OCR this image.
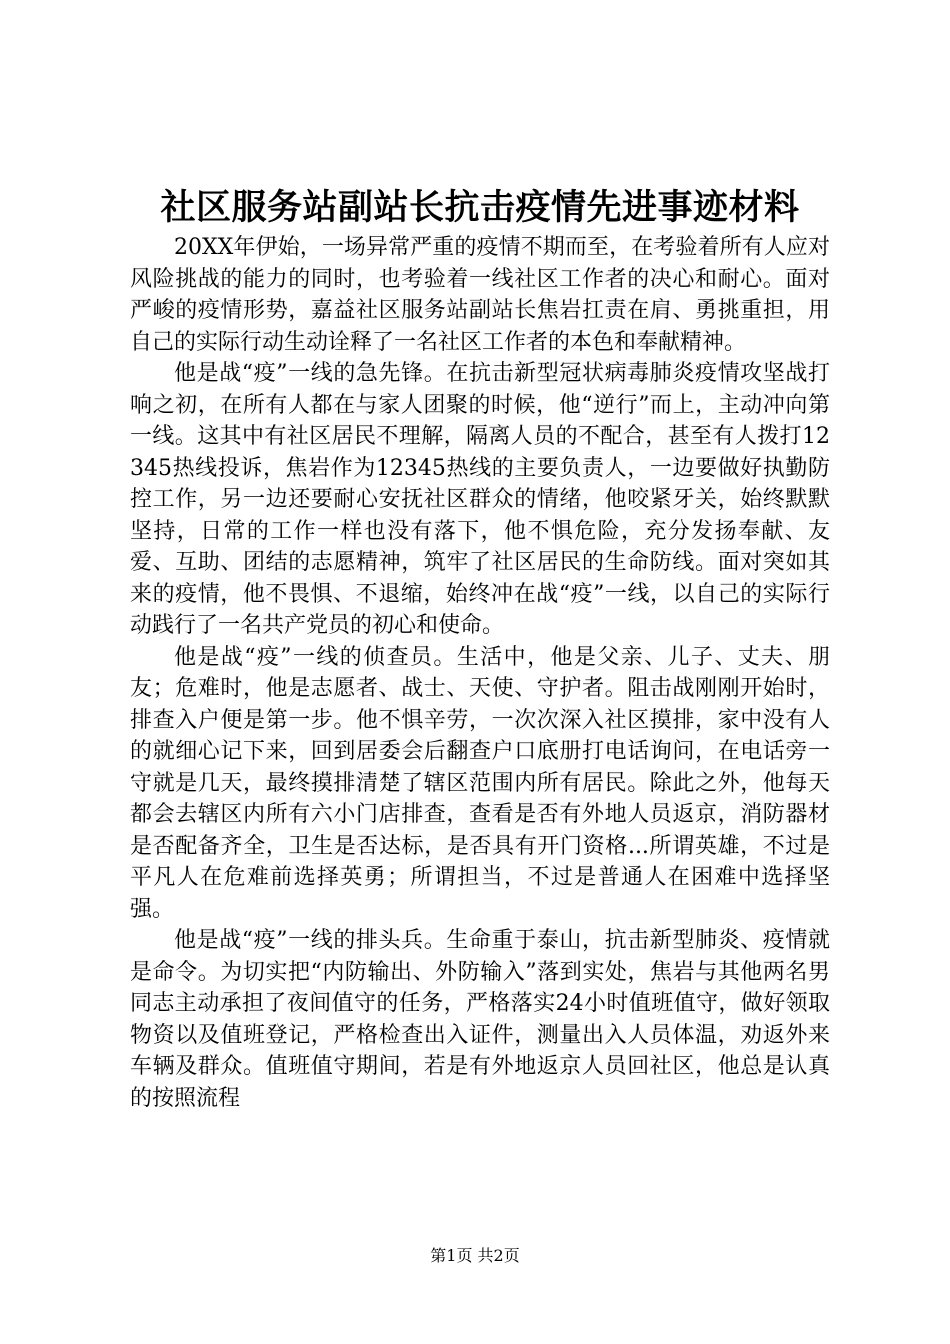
社区服务站副站长抗击疫情先进事迹材料

20XX年伊始，一场异常严重的疫情不期而至，在考验着所有人应对风险挑战的能力的同时，也考验着一线社区工作者的决心和耐心。面对严峻的疫情形势，嘉益社区服务站副站长焦岩扛责在肩、勇挑重担，用自己的实际行动生动诠释了一名社区工作者的本色和奉献精神。

他是战“疫”一线的急先锋。在抗击新型冠状病毒肺炎疫情攻坚战打响之初，在所有人都在与家人团聚的时候，他“逆行”而上，主动冲向第一线。这其中有社区居民不理解，隔离人员的不配合，甚至有人拨打12345热线投诉，焦岩作为12345热线的主要负责人，一边要做好执勤防控工作，另一边还要耐心安抚社区群众的情绪，他咬紧牙关，始终默默坚持，日常的工作一样也没有落下，他不惧危险，充分发扬奉献、友爱、互助、团结的志愿精神，筑牢了社区居民的生命防线。面对突如其来的疫情，他不畏惧、不退缩，始终冲在战“疫”一线，以自己的实际行动践行了一名共产党员的初心和使命。

他是战“疫”一线的侦查员。生活中，他是父亲、儿子、丈夫、朋友；危难时，他是志愿者、战士、天使、守护者。阻击战刚刚开始时，排查入户便是第一步。他不惧辛劳，一次次深入社区摸排，家中没有人的就细心记下来，回到居委会后翻查户口底册打电话询问，在电话旁一守就是几天，最终摸排清楚了辖区范围内所有居民。除此之外，他每天都会去辖区内所有六小门店排查，查看是否有外地人员返京，消防器材是否配备齐全，卫生是否达标，是否具有开门资格...所谓英雄，不过是平凡人在危难前选择英勇；所谓担当，不过是普通人在困难中选择坚强。

他是战“疫”一线的排头兵。生命重于泰山，抗击新型肺炎、疫情就是命令。为切实把“内防输出、外防输入”落到实处，焦岩与其他两名男同志主动承担了夜间值守的任务，严格落实24小时值班值守，做好领取物资以及值班登记，严格检查出入证件，测量出入人员体温，劝返外来车辆及群众。值班值守期间，若是有外地返京人员回社区，他总是认真的按照流程

第1页 共2页
